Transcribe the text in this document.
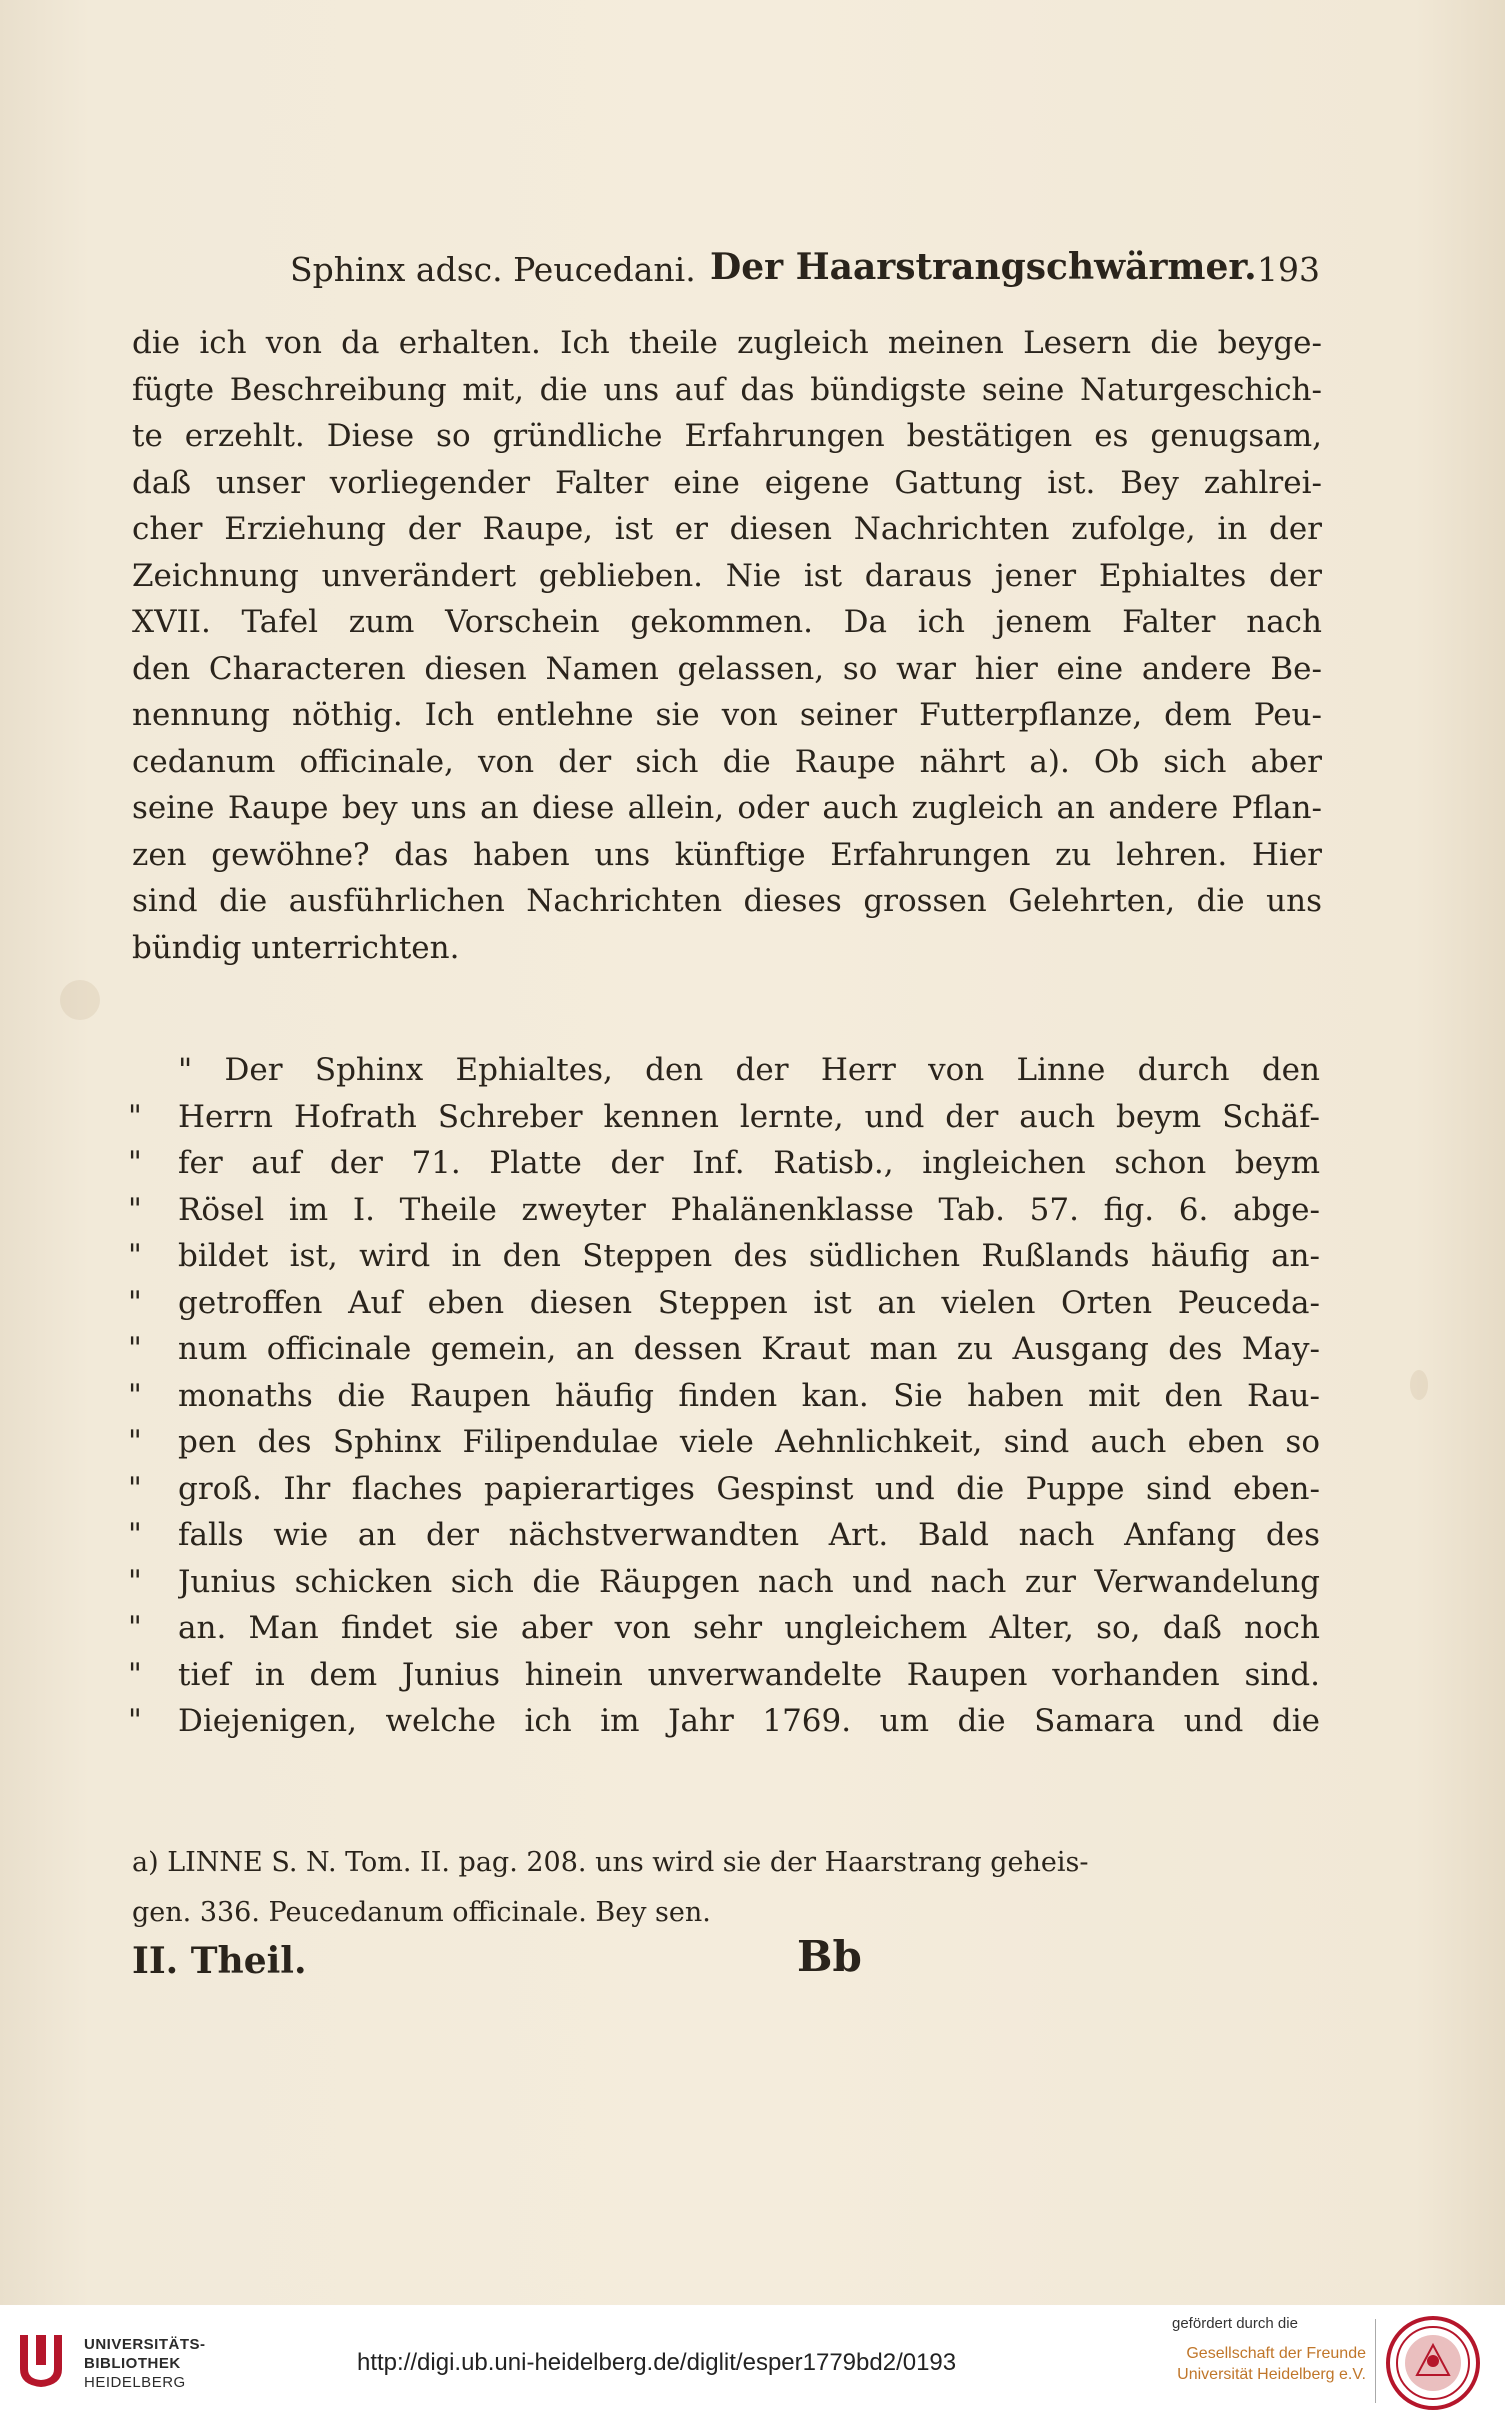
Sphinx adsc. Peucedani. Der Haarstrangschwärmer. 193
die ich von da erhalten. Ich theile zugleich meinen Lesern die beyge-
fügte Beschreibung mit, die uns auf das bündigste seine Naturgeschich-
te erzehlt. Diese so gründliche Erfahrungen bestätigen es genugsam,
daß unser vorliegender Falter eine eigene Gattung ist. Bey zahlrei-
cher Erziehung der Raupe, ist er diesen Nachrichten zufolge, in der
Zeichnung unverändert geblieben. Nie ist daraus jener Ephialtes der
XVII. Tafel zum Vorschein gekommen. Da ich jenem Falter nach
den Characteren diesen Namen gelassen, so war hier eine andere Be-
nennung nöthig. Ich entlehne sie von seiner Futterpflanze, dem Peu-
cedanum officinale, von der sich die Raupe nährt a). Ob sich aber
seine Raupe bey uns an diese allein, oder auch zugleich an andere Pflan-
zen gewöhne? das haben uns künftige Erfahrungen zu lehren. Hier
sind die ausführlichen Nachrichten dieses grossen Gelehrten, die uns
bündig unterrichten.
"
"
"
"
"
"
"
"
"
"
"
"
"
"
" Der Sphinx Ephialtes, den der Herr von Linne durch den
Herrn Hofrath Schreber kennen lernte, und der auch beym Schäf-
fer auf der 71. Platte der Inf. Ratisb., ingleichen schon beym
Rösel im I. Theile zweyter Phalänenklasse Tab. 57. fig. 6. abge-
bildet ist, wird in den Steppen des südlichen Rußlands häufig an-
getroffen Auf eben diesen Steppen ist an vielen Orten Peuceda-
num officinale gemein, an dessen Kraut man zu Ausgang des May-
monaths die Raupen häufig finden kan. Sie haben mit den Rau-
pen des Sphinx Filipendulae viele Aehnlichkeit, sind auch eben so
groß. Ihr flaches papierartiges Gespinst und die Puppe sind eben-
falls wie an der nächstverwandten Art. Bald nach Anfang des
Junius schicken sich die Räupgen nach und nach zur Verwandelung
an. Man findet sie aber von sehr ungleichem Alter, so, daß noch
tief in dem Junius hinein unverwandelte Raupen vorhanden sind.
Diejenigen, welche ich im Jahr 1769. um die Samara und die
a) LINNE S. N. Tom. II. pag. 208. uns wird sie der Haarstrang geheis-
gen. 336. Peucedanum officinale. Bey sen.
II. Theil.	Bb
UNIVERSITÄTS-
BIBLIOTHEK
HEIDELBERG
http://digi.ub.uni-heidelberg.de/diglit/esper1779bd2/0193
gefördert durch die
Gesellschaft der Freunde
Universität Heidelberg e.V.
